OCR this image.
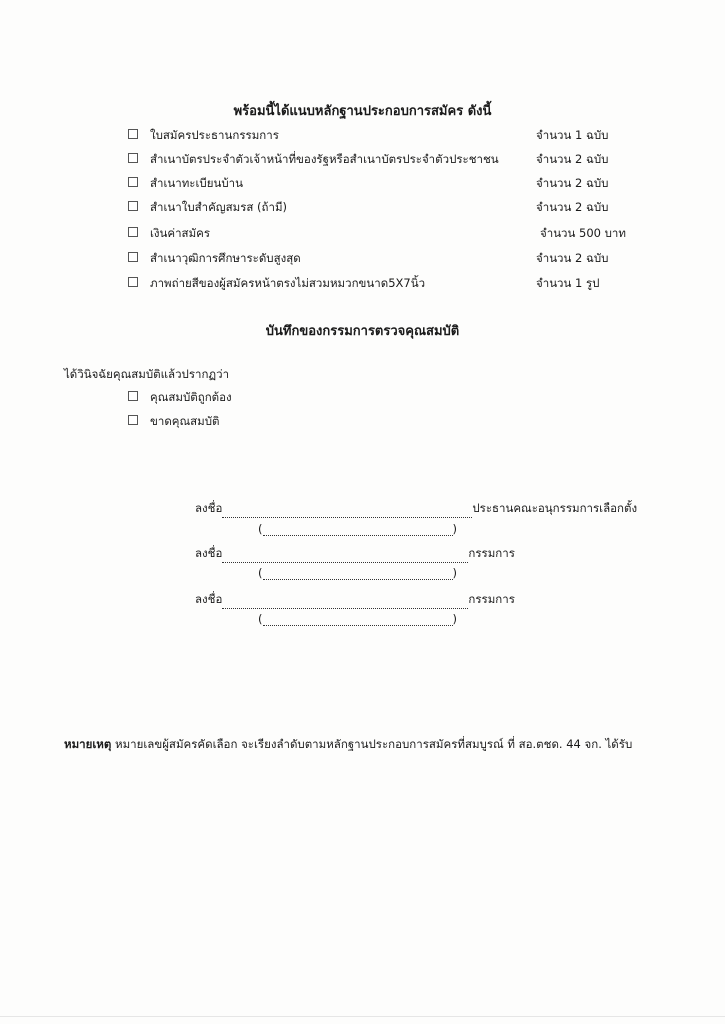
พร้อมนี้ได้แนบหลักฐานประกอบการสมัคร ดังนี้
ใบสมัครประธานกรรมการ	จำนวน 1 ฉบับ
สำเนาบัตรประจำตัวเจ้าหน้าที่ของรัฐหรือสำเนาบัตรประจำตัวประชาชน	จำนวน 2 ฉบับ
สำเนาทะเบียนบ้าน	จำนวน 2 ฉบับ
สำเนาใบสำคัญสมรส (ถ้ามี)	จำนวน 2 ฉบับ
เงินค่าสมัคร	จำนวน 500 บาท
สำเนาวุฒิการศึกษาระดับสูงสุด	จำนวน 2 ฉบับ
ภาพถ่ายสีของผู้สมัครหน้าตรงไม่สวมหมวกขนาด5X7นิ้ว	จำนวน 1 รูป
บันทึกของกรรมการตรวจคุณสมบัติ
ได้วินิจฉัยคุณสมบัติแล้วปรากฏว่า
คุณสมบัติถูกต้อง
ขาดคุณสมบัติ
ลงชื่อ	ประธานคณะอนุกรรมการเลือกตั้ง
(	)
ลงชื่อ	กรรมการ
(	)
ลงชื่อ	กรรมการ
(	)
หมายเหตุ หมายเลขผู้สมัครคัดเลือก จะเรียงลำดับตามหลักฐานประกอบการสมัครที่สมบูรณ์ ที่ สอ.ตชด. 44 จก. ได้รับ
